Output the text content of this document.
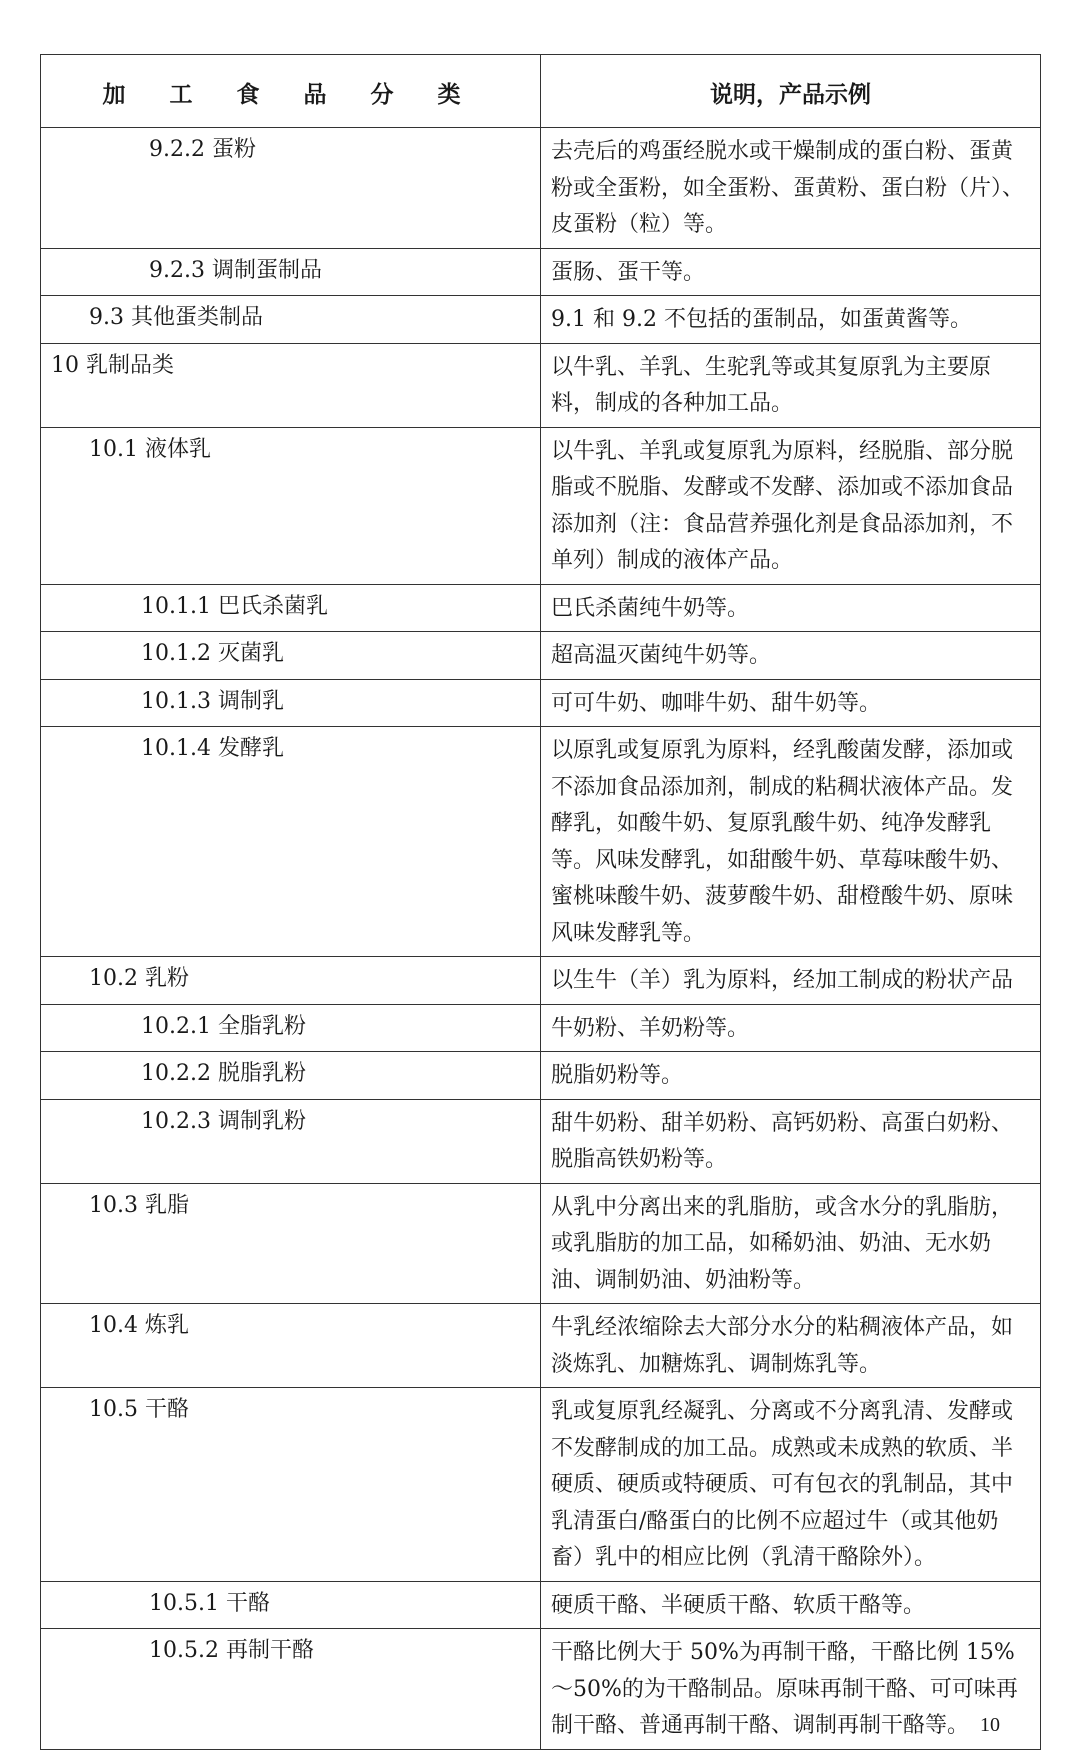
加 工 食 品 分 类	说明，产品示例
9.2.2 蛋粉	去壳后的鸡蛋经脱水或干燥制成的蛋白粉、蛋黄粉或全蛋粉，如全蛋粉、蛋黄粉、蛋白粉（片）、皮蛋粉（粒）等。
9.2.3 调制蛋制品	蛋肠、蛋干等。
9.3 其他蛋类制品	9.1 和 9.2 不包括的蛋制品，如蛋黄酱等。
10 乳制品类	以牛乳、羊乳、生驼乳等或其复原乳为主要原料，制成的各种加工品。
10.1 液体乳	以牛乳、羊乳或复原乳为原料，经脱脂、部分脱脂或不脱脂、发酵或不发酵、添加或不添加食品添加剂（注：食品营养强化剂是食品添加剂，不单列）制成的液体产品。
10.1.1 巴氏杀菌乳	巴氏杀菌纯牛奶等。
10.1.2 灭菌乳	超高温灭菌纯牛奶等。
10.1.3 调制乳	可可牛奶、咖啡牛奶、甜牛奶等。
10.1.4 发酵乳	以原乳或复原乳为原料，经乳酸菌发酵，添加或不添加食品添加剂，制成的粘稠状液体产品。发酵乳，如酸牛奶、复原乳酸牛奶、纯净发酵乳等。风味发酵乳，如甜酸牛奶、草莓味酸牛奶、蜜桃味酸牛奶、菠萝酸牛奶、甜橙酸牛奶、原味风味发酵乳等。
10.2 乳粉	以生牛（羊）乳为原料，经加工制成的粉状产品
10.2.1 全脂乳粉	牛奶粉、羊奶粉等。
10.2.2 脱脂乳粉	脱脂奶粉等。
10.2.3 调制乳粉	甜牛奶粉、甜羊奶粉、高钙奶粉、高蛋白奶粉、脱脂高铁奶粉等。
10.3 乳脂	从乳中分离出来的乳脂肪，或含水分的乳脂肪，或乳脂肪的加工品，如稀奶油、奶油、无水奶油、调制奶油、奶油粉等。
10.4 炼乳	牛乳经浓缩除去大部分水分的粘稠液体产品，如淡炼乳、加糖炼乳、调制炼乳等。
10.5 干酪	乳或复原乳经凝乳、分离或不分离乳清、发酵或不发酵制成的加工品。成熟或未成熟的软质、半硬质、硬质或特硬质、可有包衣的乳制品，其中乳清蛋白/酪蛋白的比例不应超过牛（或其他奶畜）乳中的相应比例（乳清干酪除外）。
10.5.1 干酪	硬质干酪、半硬质干酪、软质干酪等。
10.5.2 再制干酪	干酪比例大于 50%为再制干酪，干酪比例 15%～50%的为干酪制品。原味再制干酪、可可味再制干酪、普通再制干酪、调制再制干酪等。 10
